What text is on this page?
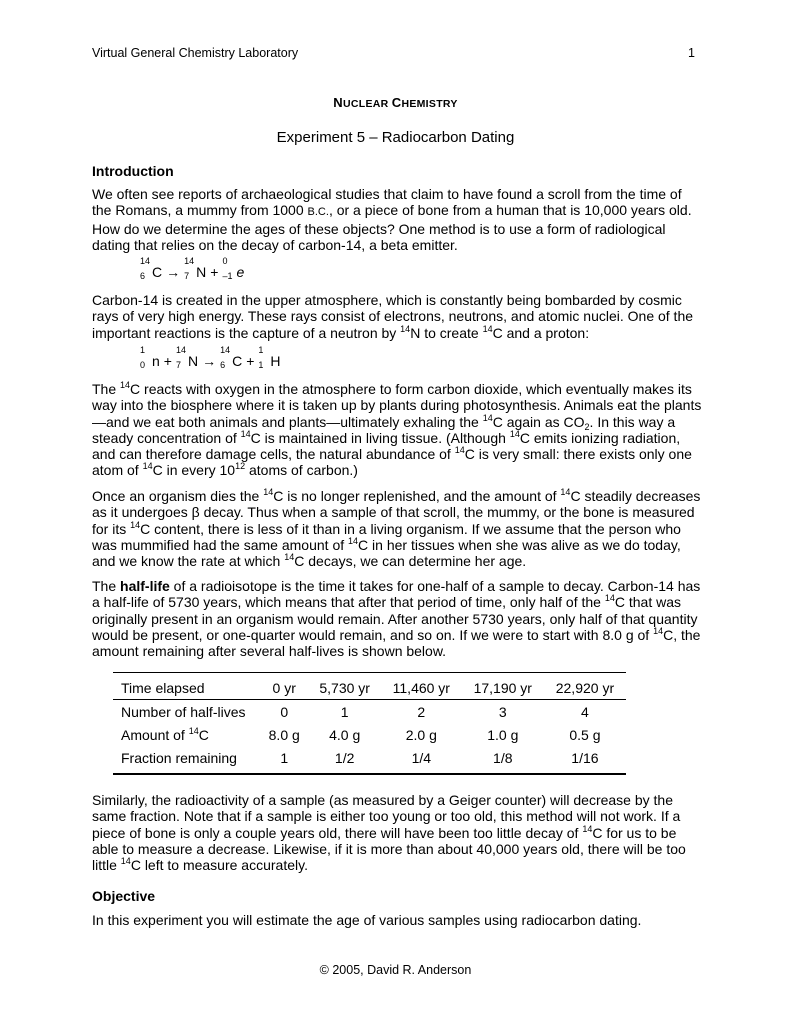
Virtual General Chemistry Laboratory	1
NUCLEAR CHEMISTRY
Experiment 5 – Radiocarbon Dating
Introduction
We often see reports of archaeological studies that claim to have found a scroll from the time of the Romans, a mummy from 1000 B.C., or a piece of bone from a human that is 10,000 years old. How do we determine the ages of these objects? One method is to use a form of radiological dating that relies on the decay of carbon-14, a beta emitter.
14
6 C →
14
7 N +
0
–1 e
Carbon-14 is created in the upper atmosphere, which is constantly being bombarded by cosmic rays of very high energy. These rays consist of electrons, neutrons, and atomic nuclei. One of the important reactions is the capture of a neutron by $^{14}$N to create $^{14}$C and a proton:
1
0 n +
14
7 N →
14
6 C +
1
1 H
The $^{14}$C reacts with oxygen in the atmosphere to form carbon dioxide, which eventually makes its way into the biosphere where it is taken up by plants during photosynthesis. Animals eat the plants—and we eat both animals and plants—ultimately exhaling the $^{14}$C again as $CO_2$. In this way a steady concentration of $^{14}$C is maintained in living tissue. (Although $^{14}$C emits ionizing radiation, and can therefore damage cells, the natural abundance of $^{14}$C is very small: there exists only one atom of $^{14}$C in every $10^{12}$ atoms of carbon.)
Once an organism dies the $^{14}$C is no longer replenished, and the amount of $^{14}$C steadily decreases as it undergoes β decay. Thus when a sample of that scroll, the mummy, or the bone is measured for its $^{14}$C content, there is less of it than in a living organism. If we assume that the person who was mummified had the same amount of $^{14}$C in her tissues when she was alive as we do today, and we know the rate at which $^{14}$C decays, we can determine her age.
The half-life of a radioisotope is the time it takes for one-half of a sample to decay. Carbon-14 has a half-life of 5730 years, which means that after that period of time, only half of the $^{14}$C that was originally present in an organism would remain. After another 5730 years, only half of that quantity would be present, or one-quarter would remain, and so on. If we were to start with 8.0 g of $^{14}$C, the amount remaining after several half-lives is shown below.
Time elapsed	0 yr	5,730 yr	11,460 yr	17,190 yr	22,920 yr
Number of half-lives	0	1	2	3	4
Amount of $^{14}$C	8.0 g	4.0 g	2.0 g	1.0 g	0.5 g
Fraction remaining	1	1/2	1/4	1/8	1/16
Similarly, the radioactivity of a sample (as measured by a Geiger counter) will decrease by the same fraction. Note that if a sample is either too young or too old, this method will not work. If a piece of bone is only a couple years old, there will have been too little decay of $^{14}$C for us to be able to measure a decrease. Likewise, if it is more than about 40,000 years old, there will be too little $^{14}$C left to measure accurately.
Objective
In this experiment you will estimate the age of various samples using radiocarbon dating.
© 2005, David R. Anderson
